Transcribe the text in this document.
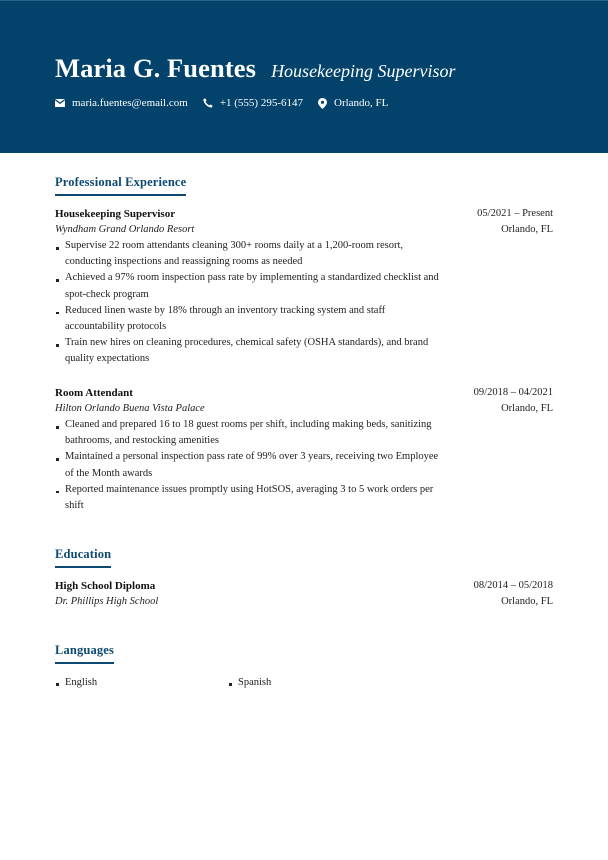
Maria G. Fuentes Housekeeping Supervisor
maria.fuentes@email.com	+1 (555) 295-6147	Orlando, FL
Professional Experience
Housekeeping Supervisor	05/2021 – Present
Wyndham Grand Orlando Resort	Orlando, FL
Supervise 22 room attendants cleaning 300+ rooms daily at a 1,200-room resort, conducting inspections and reassigning rooms as needed
Achieved a 97% room inspection pass rate by implementing a standardized checklist and spot-check program
Reduced linen waste by 18% through an inventory tracking system and staff accountability protocols
Train new hires on cleaning procedures, chemical safety (OSHA standards), and brand quality expectations
Room Attendant	09/2018 – 04/2021
Hilton Orlando Buena Vista Palace	Orlando, FL
Cleaned and prepared 16 to 18 guest rooms per shift, including making beds, sanitizing bathrooms, and restocking amenities
Maintained a personal inspection pass rate of 99% over 3 years, receiving two Employee of the Month awards
Reported maintenance issues promptly using HotSOS, averaging 3 to 5 work orders per shift
Education
High School Diploma	08/2014 – 05/2018
Dr. Phillips High School	Orlando, FL
Languages
English	Spanish
